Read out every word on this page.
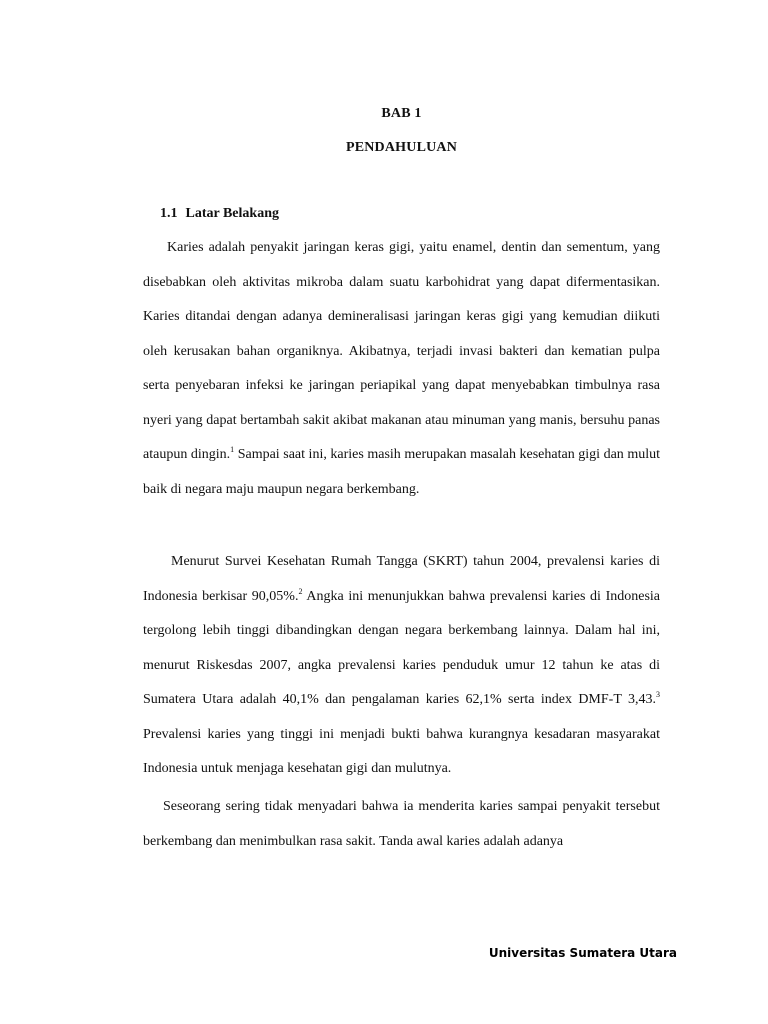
BAB 1
PENDAHULUAN
1.1 Latar Belakang

Karies adalah penyakit jaringan keras gigi, yaitu enamel, dentin dan sementum, yang disebabkan oleh aktivitas mikroba dalam suatu karbohidrat yang dapat difermentasikan. Karies ditandai dengan adanya demineralisasi jaringan keras gigi yang kemudian diikuti oleh kerusakan bahan organiknya. Akibatnya, terjadi invasi bakteri dan kematian pulpa serta penyebaran infeksi ke jaringan periapikal yang dapat menyebabkan timbulnya rasa nyeri yang dapat bertambah sakit akibat makanan atau minuman yang manis, bersuhu panas ataupun dingin.$^1$ Sampai saat ini, karies masih merupakan masalah kesehatan gigi dan mulut baik di negara maju maupun negara berkembang.

Menurut Survei Kesehatan Rumah Tangga (SKRT) tahun 2004, prevalensi karies di Indonesia berkisar 90,05%.$^2$ Angka ini menunjukkan bahwa prevalensi karies di Indonesia tergolong lebih tinggi dibandingkan dengan negara berkembang lainnya. Dalam hal ini, menurut Riskesdas 2007, angka prevalensi karies penduduk umur 12 tahun ke atas di Sumatera Utara adalah 40,1% dan pengalaman karies 62,1% serta index DMF-T 3,43.$^3$ Prevalensi karies yang tinggi ini menjadi bukti bahwa kurangnya kesadaran masyarakat Indonesia untuk menjaga kesehatan gigi dan mulutnya.

Seseorang sering tidak menyadari bahwa ia menderita karies sampai penyakit tersebut berkembang dan menimbulkan rasa sakit. Tanda awal karies adalah adanya

Universitas Sumatera Utara
